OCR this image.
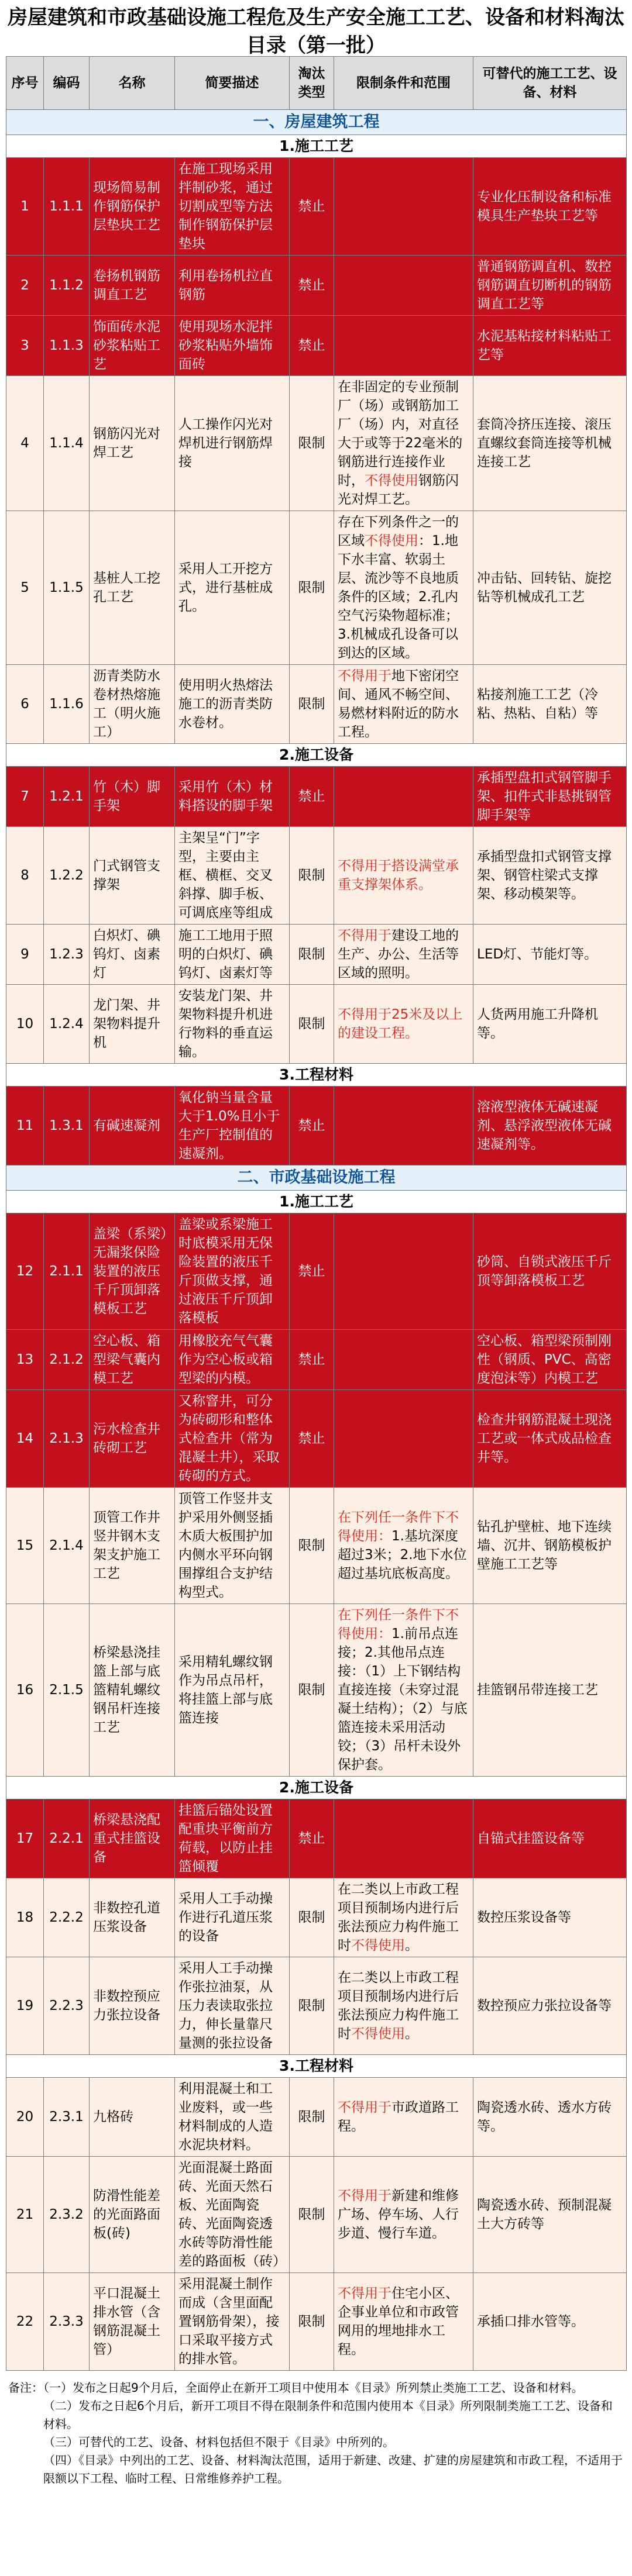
房屋建筑和市政基础设施工程危及生产安全施工工艺、设备和材料淘汰目录（第一批）
序号	编码	名称	简要描述	淘汰类型	限制条件和范围	可替代的施工工艺、设备、材料
一、房屋建筑工程						
1.施工工艺						
1	1.1.1	现场简易制作钢筋保护层垫块工艺	在施工现场采用拌制砂浆，通过切割成型等方法制作钢筋保护层垫块	禁止		专业化压制设备和标准模具生产垫块工艺等
2	1.1.2	卷扬机钢筋调直工艺	利用卷扬机拉直钢筋	禁止		普通钢筋调直机、数控钢筋调直切断机的钢筋调直工艺等
3	1.1.3	饰面砖水泥砂浆粘贴工艺	使用现场水泥拌砂浆粘贴外墙饰面砖	禁止		水泥基粘接材料粘贴工艺等
4	1.1.4	钢筋闪光对焊工艺	人工操作闪光对焊机进行钢筋焊接	限制	在非固定的专业预制厂（场）或钢筋加工厂（场）内，对直径大于或等于22毫米的钢筋进行连接作业时，不得使用钢筋闪光对焊工艺。	套筒冷挤压连接、滚压直螺纹套筒连接等机械连接工艺
5	1.1.5	基桩人工挖孔工艺	采用人工开挖方式，进行基桩成孔。	限制	存在下列条件之一的区域不得使用：1.地下水丰富、软弱土层、流沙等不良地质条件的区域；2.孔内空气污染物超标准；3.机械成孔设备可以到达的区域。	冲击钻、回转钻、旋挖钻等机械成孔工艺
6	1.1.6	沥青类防水卷材热熔施工（明火施工）	使用明火热熔法施工的沥青类防水卷材。	限制	不得用于地下密闭空间、通风不畅空间、易燃材料附近的防水工程。	粘接剂施工工艺（冷粘、热粘、自粘）等
2.施工设备						
7	1.2.1	竹（木）脚手架	采用竹（木）材料搭设的脚手架	禁止		承插型盘扣式钢管脚手架、扣件式非悬挑钢管脚手架等
8	1.2.2	门式钢管支撑架	主架呈“门”字型，主要由主框、横框、交叉斜撑、脚手板、可调底座等组成	限制	不得用于搭设满堂承重支撑架体系。	承插型盘扣式钢管支撑架、钢管柱梁式支撑架、移动模架等。
9	1.2.3	白炽灯、碘钨灯、卤素灯	施工工地用于照明的白炽灯、碘钨灯、卤素灯等	限制	不得用于建设工地的生产、办公、生活等区域的照明。	LED灯、节能灯等。
10	1.2.4	龙门架、井架物料提升机	安装龙门架、井架物料提升机进行物料的垂直运输。	限制	不得用于25米及以上的建设工程。	人货两用施工升降机等。
3.工程材料						
11	1.3.1	有碱速凝剂	氧化钠当量含量大于1.0%且小于生产厂控制值的速凝剂。	禁止		溶液型液体无碱速凝剂、悬浮液型液体无碱速凝剂等。
二、市政基础设施工程						
1.施工工艺						
12	2.1.1	盖梁（系梁）无漏浆保险装置的液压千斤顶卸落模板工艺	盖梁或系梁施工时底模采用无保险装置的液压千斤顶做支撑，通过液压千斤顶卸落模板	禁止		砂筒、自锁式液压千斤顶等卸落模板工艺
13	2.1.2	空心板、箱型梁气囊内模工艺	用橡胶充气气囊作为空心板或箱型梁的内模。	禁止		空心板、箱型梁预制刚性（钢质、PVC、高密度泡沫等）内模工艺
14	2.1.3	污水检查井砖砌工艺	又称窨井，可分为砖砌形和整体式检查井（常为混凝土井），采取砖砌的方式。	禁止		检查井钢筋混凝土现浇工艺或一体式成品检查井等。
15	2.1.4	顶管工作井竖井钢木支架支护施工工艺	顶管工作竖井支护采用外侧竖插木质大板围护加内侧水平环向钢围撑组合支护结构型式。	限制	在下列任一条件下不得使用：1.基坑深度超过3米；2.地下水位超过基坑底板高度。	钻孔护壁桩、地下连续墙、沉井、钢筋模板护壁施工工艺等
16	2.1.5	桥梁悬浇挂篮上部与底篮精轧螺纹钢吊杆连接工艺	采用精轧螺纹钢作为吊点吊杆，将挂篮上部与底篮连接	限制	在下列任一条件下不得使用：1.前吊点连接；2.其他吊点连接：（1）上下钢结构直接连接（未穿过混凝土结构）；（2）与底篮连接未采用活动铰；（3）吊杆未设外保护套。	挂篮钢吊带连接工艺
2.施工设备						
17	2.2.1	桥梁悬浇配重式挂篮设备	挂篮后锚处设置配重块平衡前方荷载，以防止挂篮倾覆	禁止		自锚式挂篮设备等
18	2.2.2	非数控孔道压浆设备	采用人工手动操作进行孔道压浆的设备	限制	在二类以上市政工程项目预制场内进行后张法预应力构件施工时不得使用。	数控压浆设备等
19	2.2.3	非数控预应力张拉设备	采用人工手动操作张拉油泵，从压力表读取张拉力，伸长量靠尺量测的张拉设备	限制	在二类以上市政工程项目预制场内进行后张法预应力构件施工时不得使用。	数控预应力张拉设备等
3.工程材料						
20	2.3.1	九格砖	利用混凝土和工业废料，或一些材料制成的人造水泥块材料。	限制	不得用于市政道路工程。	陶瓷透水砖、透水方砖等。
21	2.3.2	防滑性能差的光面路面板(砖)	光面混凝土路面砖、光面天然石板、光面陶瓷砖、光面陶瓷透水砖等防滑性能差的路面板（砖）	限制	不得用于新建和维修广场、停车场、人行步道、慢行车道。	陶瓷透水砖、预制混凝土大方砖等
22	2.3.3	平口混凝土排水管（含钢筋混凝土管）	采用混凝土制作而成（含里面配置钢筋骨架），接口采取平接方式的排水管。	限制	不得用于住宅小区、企事业单位和市政管网用的埋地排水工程。	承插口排水管等。
备注：（一）发布之日起9个月后，全面停止在新开工项目中使用本《目录》所列禁止类施工工艺、设备和材料。
（二）发布之日起6个月后，新开工项目不得在限制条件和范围内使用本《目录》所列限制类施工工艺、设备和材料。
（三）可替代的工艺、设备、材料包括但不限于《目录》中所列的。
（四）《目录》中列出的工艺、设备、材料淘汰范围，适用于新建、改建、扩建的房屋建筑和市政工程，不适用于限额以下工程、临时工程、日常维修养护工程。
